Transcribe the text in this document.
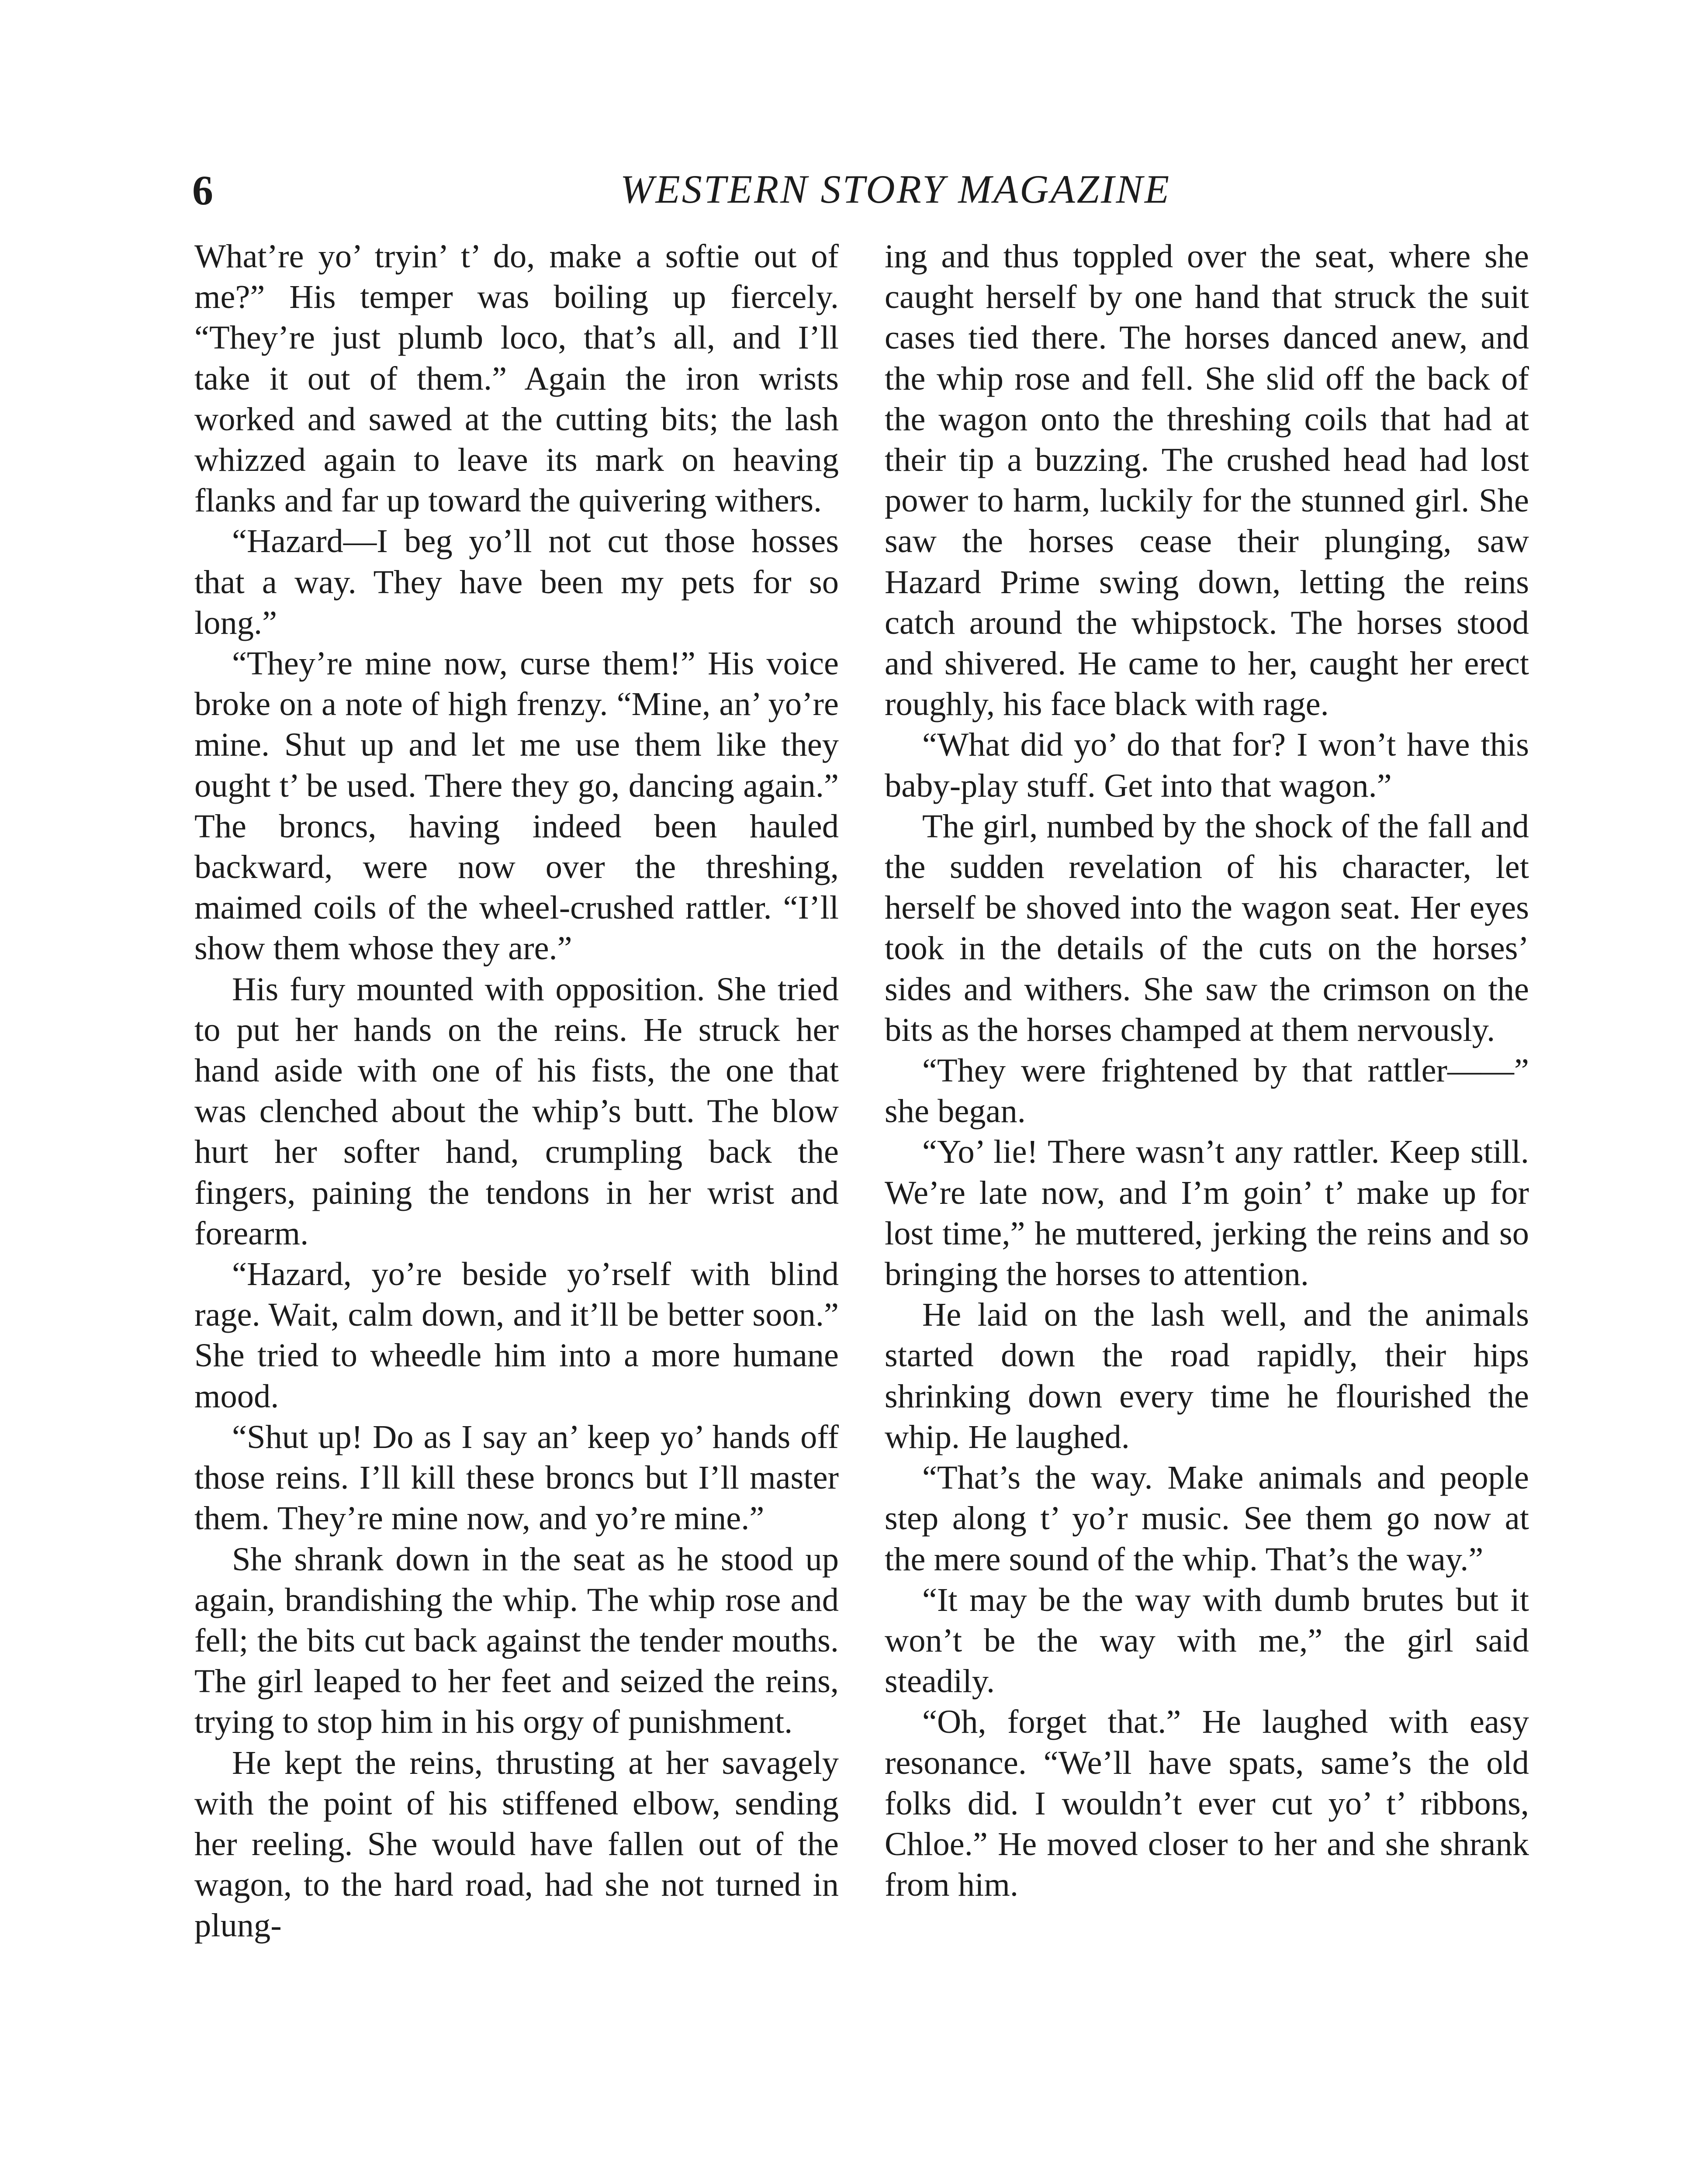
6	WESTERN STORY MAGAZINE

What’re yo’ tryin’ t’ do, make a softie out of me?” His temper was boiling up fiercely. “They’re just plumb loco, that’s all, and I’ll take it out of them.” Again the iron wrists worked and sawed at the cutting bits; the lash whizzed again to leave its mark on heaving flanks and far up toward the quivering withers.

“Hazard—I beg yo’ll not cut those hosses that a way. They have been my pets for so long.”

“They’re mine now, curse them!” His voice broke on a note of high frenzy. “Mine, an’ yo’re mine. Shut up and let me use them like they ought t’ be used. There they go, dancing again.” The broncs, having indeed been hauled backward, were now over the threshing, maimed coils of the wheel-crushed rattler. “I’ll show them whose they are.”

His fury mounted with opposition. She tried to put her hands on the reins. He struck her hand aside with one of his fists, the one that was clenched about the whip’s butt. The blow hurt her softer hand, crumpling back the fingers, paining the tendons in her wrist and forearm.

“Hazard, yo’re beside yo’rself with blind rage. Wait, calm down, and it’ll be better soon.” She tried to wheedle him into a more humane mood.

“Shut up! Do as I say an’ keep yo’ hands off those reins. I’ll kill these broncs but I’ll master them. They’re mine now, and yo’re mine.”

She shrank down in the seat as he stood up again, brandishing the whip. The whip rose and fell; the bits cut back against the tender mouths. The girl leaped to her feet and seized the reins, trying to stop him in his orgy of punishment.

He kept the reins, thrusting at her savagely with the point of his stiffened elbow, sending her reeling. She would have fallen out of the wagon, to the hard road, had she not turned in plung-

ing and thus toppled over the seat, where she caught herself by one hand that struck the suit cases tied there. The horses danced anew, and the whip rose and fell. She slid off the back of the wagon onto the threshing coils that had at their tip a buzzing. The crushed head had lost power to harm, luckily for the stunned girl. She saw the horses cease their plunging, saw Hazard Prime swing down, letting the reins catch around the whipstock. The horses stood and shivered. He came to her, caught her erect roughly, his face black with rage.

“What did yo’ do that for? I won’t have this baby-play stuff. Get into that wagon.”

The girl, numbed by the shock of the fall and the sudden revelation of his character, let herself be shoved into the wagon seat. Her eyes took in the details of the cuts on the horses’ sides and withers. She saw the crimson on the bits as the horses champed at them nervously.

“They were frightened by that rattler——” she began.

“Yo’ lie! There wasn’t any rattler. Keep still. We’re late now, and I’m goin’ t’ make up for lost time,” he muttered, jerking the reins and so bringing the horses to attention.

He laid on the lash well, and the animals started down the road rapidly, their hips shrinking down every time he flourished the whip. He laughed.

“That’s the way. Make animals and people step along t’ yo’r music. See them go now at the mere sound of the whip. That’s the way.”

“It may be the way with dumb brutes but it won’t be the way with me,” the girl said steadily.

“Oh, forget that.” He laughed with easy resonance. “We’ll have spats, same’s the old folks did. I wouldn’t ever cut yo’ t’ ribbons, Chloe.” He moved closer to her and she shrank from him.
